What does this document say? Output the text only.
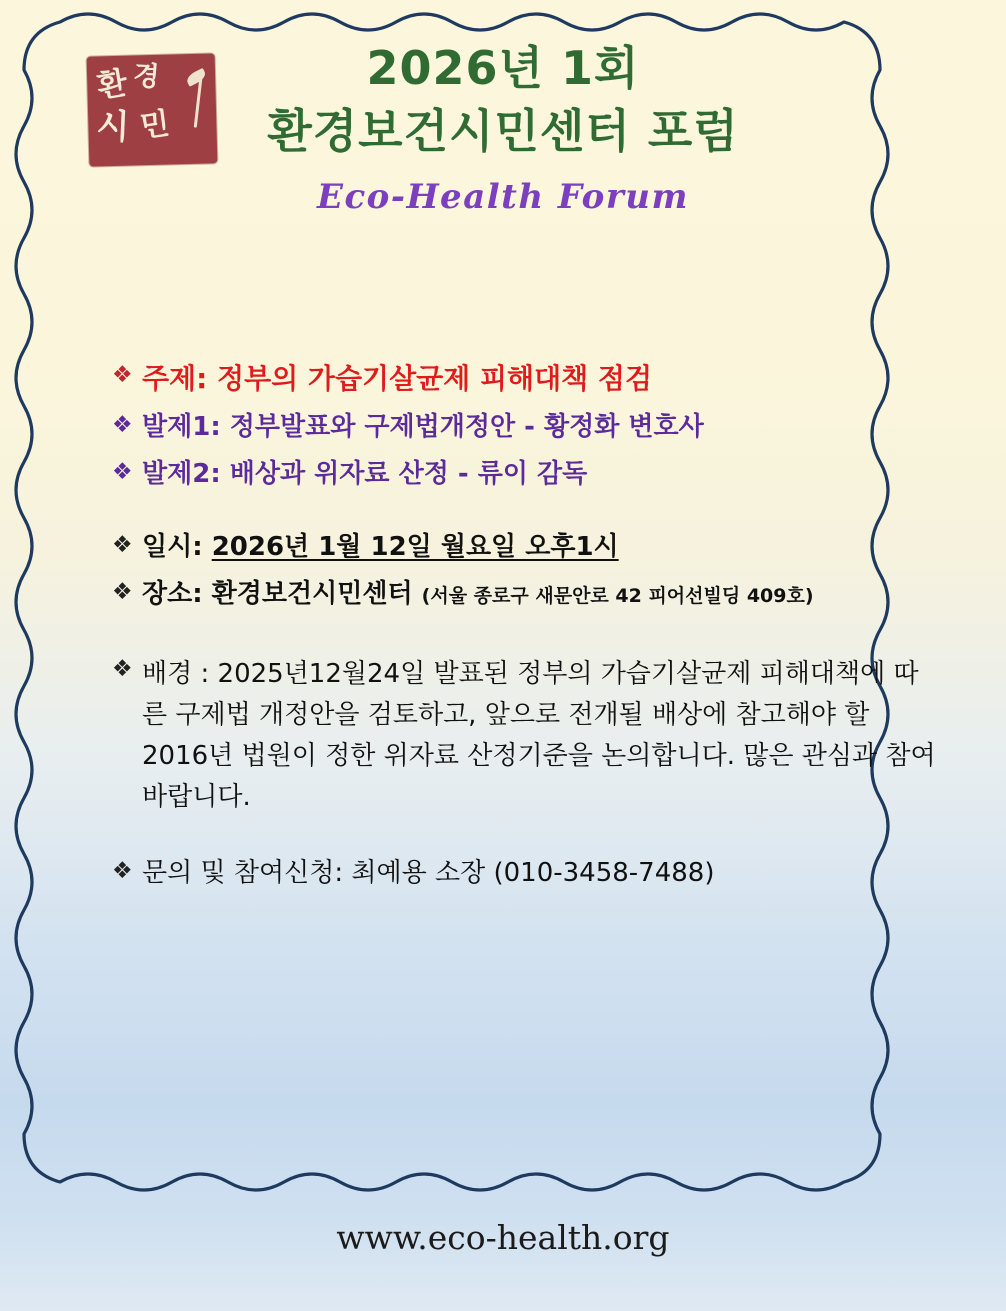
환 경
시 민
2026년 1회
환경보건시민센터 포럼
Eco-Health Forum
❖ 주제: 정부의 가습기살균제 피해대책 점검
❖ 발제1: 정부발표와 구제법개정안 - 황정화 변호사
❖ 발제2: 배상과 위자료 산정 - 류이 감독
❖ 일시: 2026년 1월 12일 월요일 오후1시
❖ 장소: 환경보건시민센터 (서울 종로구 새문안로 42 피어선빌딩 409호)
❖ 배경 : 2025년12월24일 발표된 정부의 가습기살균제 피해대책에 따른 구제법 개정안을 검토하고, 앞으로 전개될 배상에 참고해야 할 2016년 법원이 정한 위자료 산정기준을 논의합니다. 많은 관심과 참여 바랍니다.
❖ 문의 및 참여신청: 최예용 소장 (010-3458-7488)
www.eco-health.org
